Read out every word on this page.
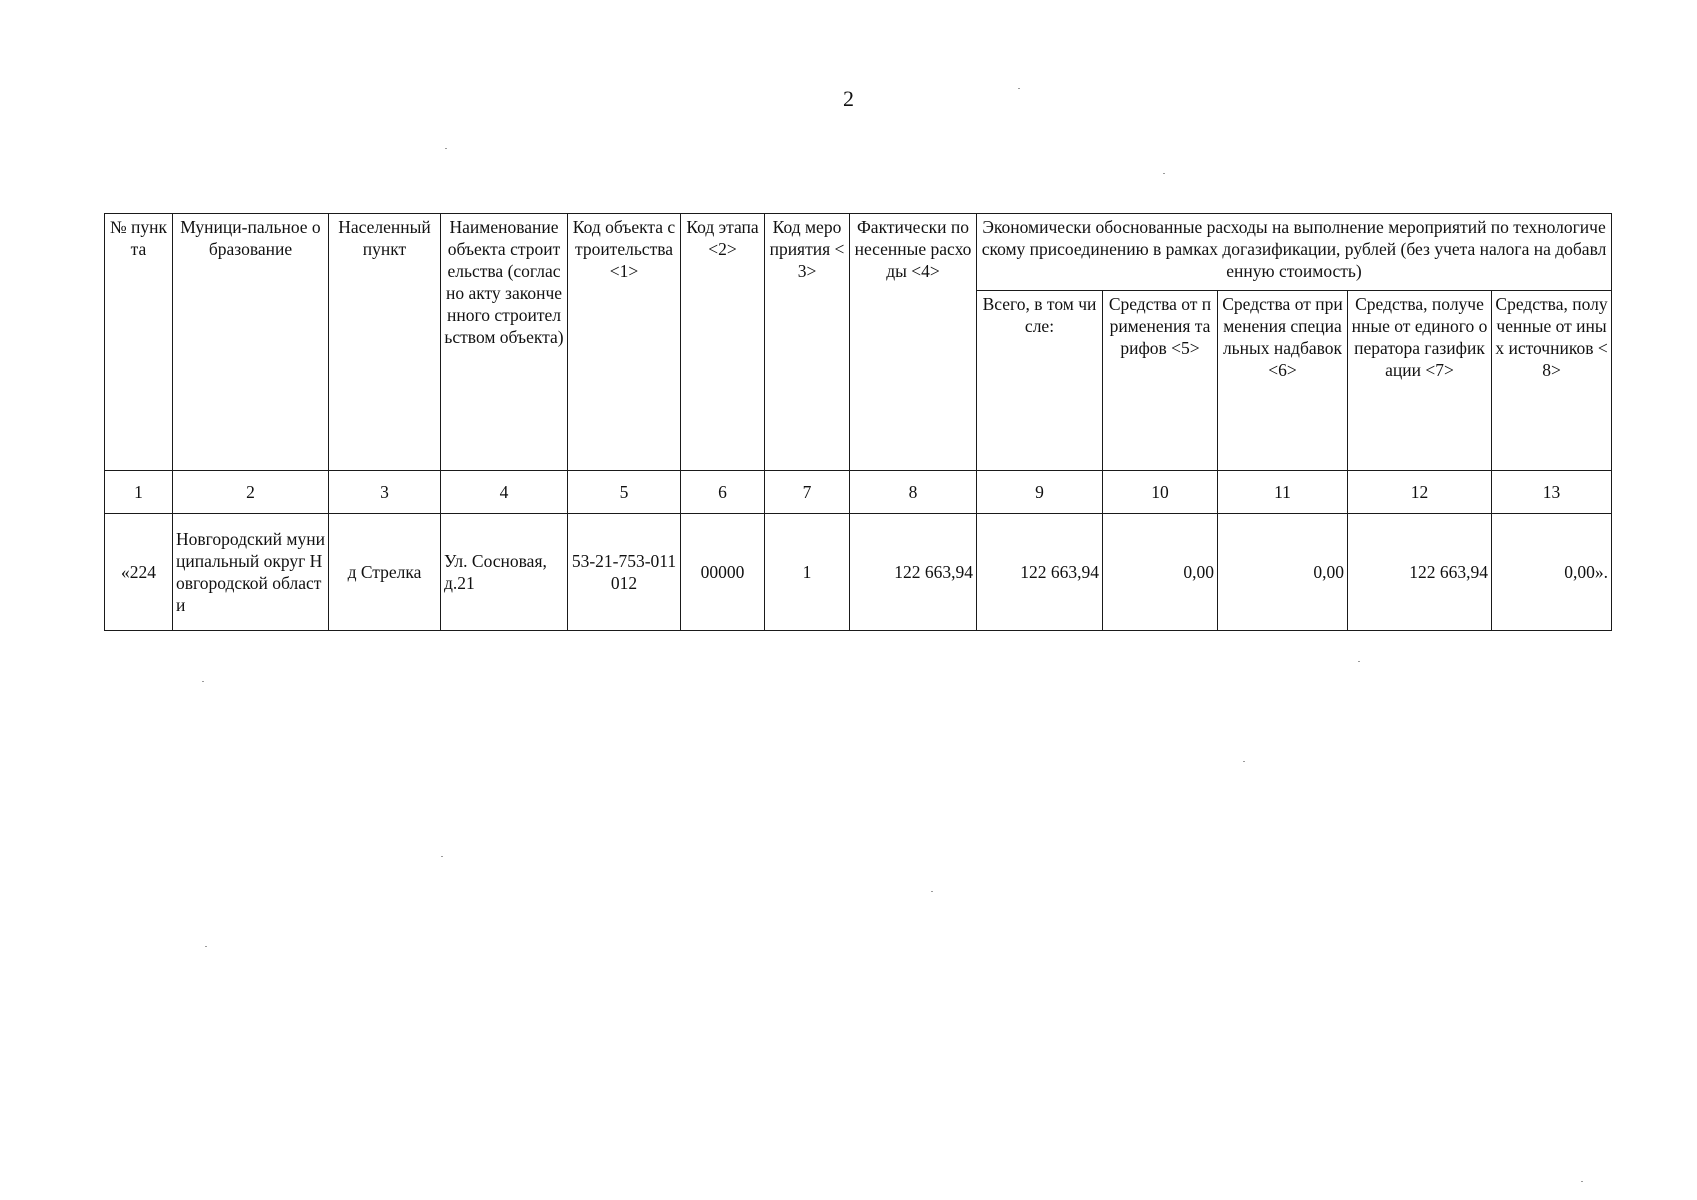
2
№ пункта	Муници-пальное образование	Населенный пункт	Наименование объекта строительства (согласно акту законченного строительством объекта)	Код объекта строительства <1>	Код этапа <2>	Код мероприятия <3>	Фактически понесенные расходы <4>	Экономически обоснованные расходы на выполнение мероприятий по технологическому присоединению в рамках догазификации, рублей (без учета налога на добавленную стоимость)				
								Всего, в том числе:	Средства от применения тарифов <5>	Средства от применения специальных надбавок <6>	Средства, полученные от единого оператора газификации <7>	Средства, полученные от иных источников <8>
1	2	3	4	5	6	7	8	9	10	11	12	13
«224	Новгородский муниципальный округ Новгородской области	д Стрелка	Ул. Сосновая, д.21	53-21-753-011012	00000	1	122 663,94	122 663,94	0,00	0,00	122 663,94	0,00».
